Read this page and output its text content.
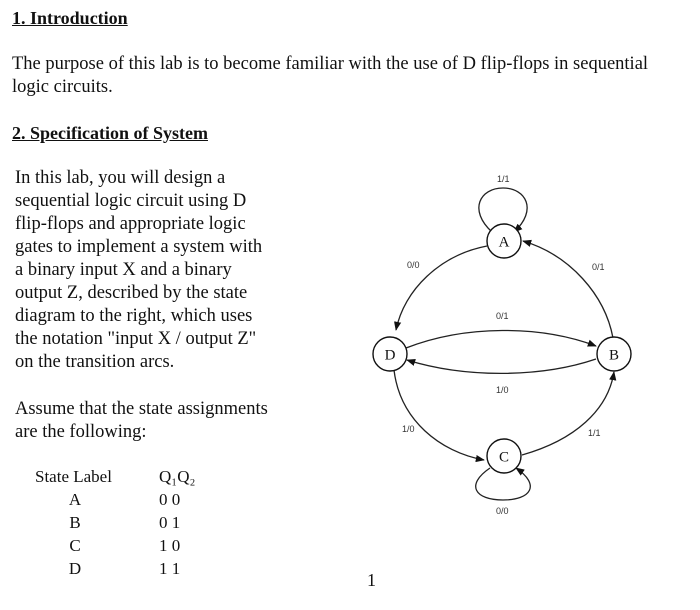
1. Introduction

The purpose of this lab is to become familiar with the use of D flip-flops in sequential

logic circuits.

2. Specification of System
In this lab, you will design a
sequential logic circuit using D
flip-flops and appropriate logic
gates to implement a system with
a binary input X and a binary
output Z, described by the state
diagram to the right, which uses
the notation "input X / output Z"
on the transition arcs.
Assume that the state assignments
are the following:
State Label	Q₁Q₂
A	0 0
B	0 1
C	1 0
D	1 1
1
A
B
C
D
1/1
0/0	0/1
0/1
1/0
1/0	1/1
0/0
